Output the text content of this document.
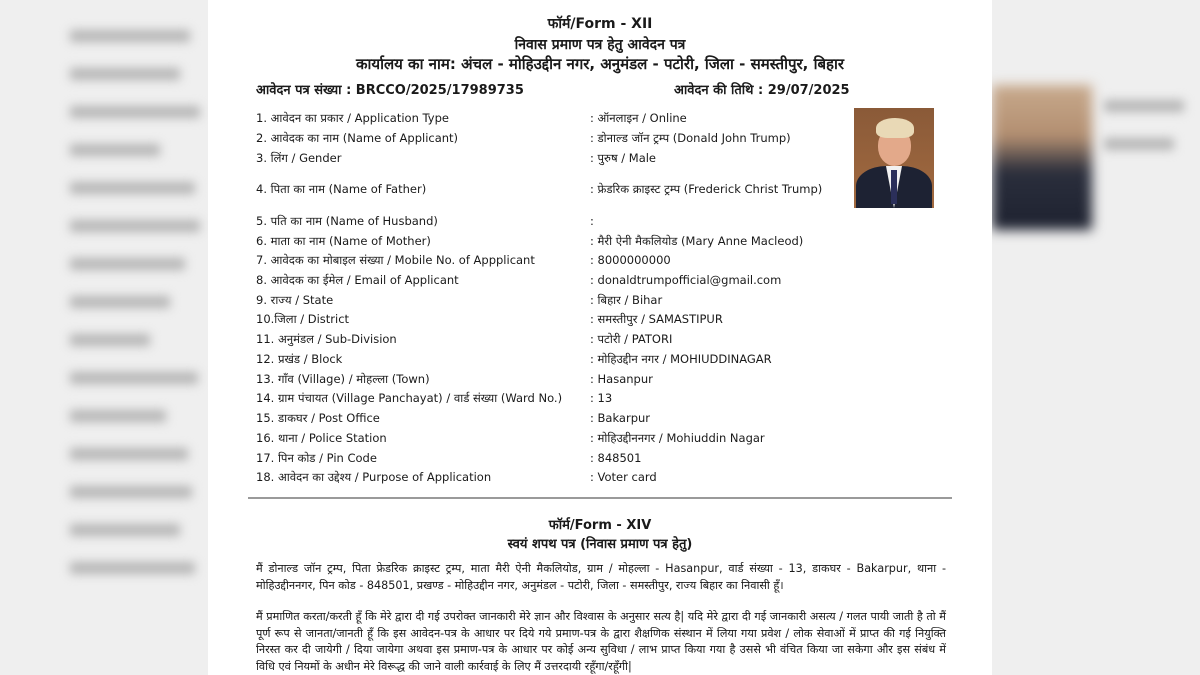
फॉर्म/Form - XII
निवास प्रमाण पत्र हेतु आवेदन पत्र
कार्यालय का नाम: अंचल - मोहिउद्दीन नगर, अनुमंडल - पटोरी, जिला - समस्तीपुर, बिहार
आवेदन पत्र संख्या : BRCCO/2025/17989735	आवेदन की तिथि : 29/07/2025
1. आवेदन का प्रकार / Application Type	: ऑनलाइन / Online
2. आवेदक का नाम (Name of Applicant)	: डोनाल्ड जॉन ट्रम्प (Donald John Trump)
3. लिंग / Gender	: पुरुष / Male
4. पिता का नाम (Name of Father)	: फ्रेडरिक क्राइस्ट ट्रम्प (Frederick Christ Trump)
5. पति का नाम (Name of Husband)	:
6. माता का नाम (Name of Mother)	: मैरी ऐनी मैकलियोड (Mary Anne Macleod)
7. आवेदक का मोबाइल संख्या / Mobile No. of Appplicant	: 8000000000
8. आवेदक का ईमेल / Email of Applicant	: donaldtrumpofficial@gmail.com
9. राज्य / State	: बिहार / Bihar
10.जिला / District	: समस्तीपुर / SAMASTIPUR
11. अनुमंडल / Sub-Division	: पटोरी / PATORI
12. प्रखंड / Block	: मोहिउद्दीन नगर / MOHIUDDINAGAR
13. गाँव (Village) / मोहल्ला (Town)	: Hasanpur
14. ग्राम पंचायत (Village Panchayat) / वार्ड संख्या (Ward No.) : 13
15. डाकघर / Post Office	: Bakarpur
16. थाना / Police Station	: मोहिउद्दीननगर / Mohiuddin Nagar
17. पिन कोड / Pin Code	: 848501
18. आवेदन का उद्देश्य / Purpose of Application	: Voter card
फॉर्म/Form - XIV
स्वयं शपथ पत्र (निवास प्रमाण पत्र हेतु)
मैं डोनाल्ड जॉन ट्रम्प, पिता फ्रेडरिक क्राइस्ट ट्रम्प, माता मैरी ऐनी मैकलियोड, ग्राम / मोहल्ला - Hasanpur, वार्ड संख्या - 13, डाकघर - Bakarpur, थाना - मोहिउद्दीननगर, पिन कोड - 848501, प्रखण्ड - मोहिउद्दीन नगर, अनुमंडल - पटोरी, जिला - समस्तीपुर, राज्य बिहार का निवासी हूँ।
मैं प्रमाणित करता/करती हूँ कि मेरे द्वारा दी गई उपरोक्त जानकारी मेरे ज्ञान और विश्वास के अनुसार सत्य है| यदि मेरे द्वारा दी गई जानकारी असत्य / गलत पायी जाती है तो मैं पूर्ण रूप से जानता/जानती हूँ कि इस आवेदन-पत्र के आधार पर दिये गये प्रमाण-पत्र के द्वारा शैक्षणिक संस्थान में लिया गया प्रवेश / लोक सेवाओं में प्राप्त की गई नियुक्ति निरस्त कर दी जायेगी / दिया जायेगा अथवा इस प्रमाण-पत्र के आधार पर कोई अन्य सुविधा / लाभ प्राप्त किया गया है उससे भी वंचित किया जा सकेगा और इस संबंध में विधि एवं नियमों के अधीन मेरे विरूद्ध की जाने वाली कार्रवाई के लिए मैं उत्तरदायी रहूँगा/रहूँगी|
